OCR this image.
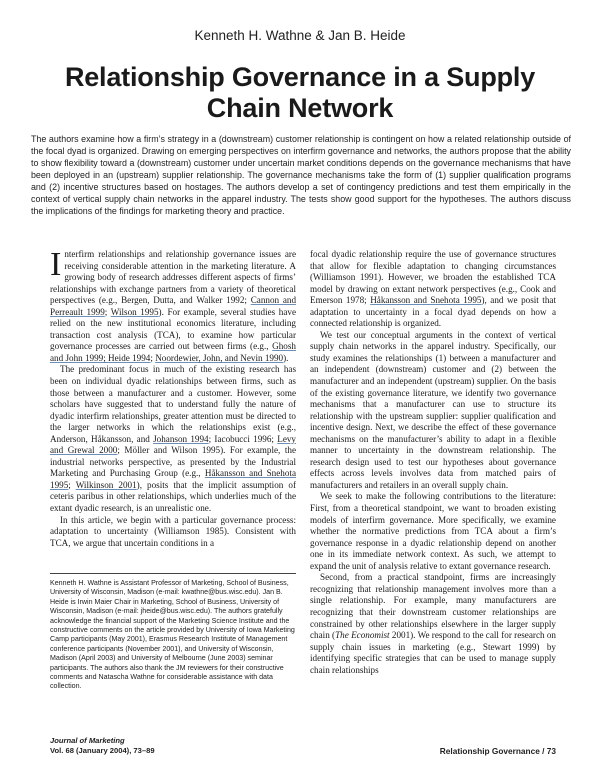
Kenneth H. Wathne & Jan B. Heide
Relationship Governance in a Supply Chain Network
The authors examine how a firm’s strategy in a (downstream) customer relationship is contingent on how a related relationship outside of the focal dyad is organized. Drawing on emerging perspectives on interfirm governance and networks, the authors propose that the ability to show flexibility toward a (downstream) customer under uncertain market conditions depends on the governance mechanisms that have been deployed in an (upstream) supplier relationship. The governance mechanisms take the form of (1) supplier qualification programs and (2) incentive structures based on hostages. The authors develop a set of contingency predictions and test them empirically in the context of vertical supply chain networks in the apparel industry. The tests show good support for the hypotheses. The authors discuss the implications of the findings for marketing theory and practice.

Interfirm relationships and relationship governance issues are receiving considerable attention in the marketing literature. A growing body of research addresses different aspects of firms’ relationships with exchange partners from a variety of theoretical perspectives (e.g., Bergen, Dutta, and Walker 1992; Cannon and Perreault 1999; Wilson 1995). For example, several studies have relied on the new institutional economics literature, including transaction cost analysis (TCA), to examine how particular governance processes are carried out between firms (e.g., Ghosh and John 1999; Heide 1994; Noordewier, John, and Nevin 1990).

The predominant focus in much of the existing research has been on individual dyadic relationships between firms, such as those between a manufacturer and a customer. However, some scholars have suggested that to understand fully the nature of dyadic interfirm relationships, greater attention must be directed to the larger networks in which the relationships exist (e.g., Anderson, Håkansson, and Johanson 1994; Iacobucci 1996; Levy and Grewal 2000; Möller and Wilson 1995). For example, the industrial networks perspective, as presented by the Industrial Marketing and Purchasing Group (e.g., Håkansson and Snehota 1995; Wilkinson 2001), posits that the implicit assumption of ceteris paribus in other relationships, which underlies much of the extant dyadic research, is an unrealistic one.

In this article, we begin with a particular governance process: adaptation to uncertainty (Williamson 1985). Consistent with TCA, we argue that uncertain conditions in a

Kenneth H. Wathne is Assistant Professor of Marketing, School of Business, University of Wisconsin, Madison (e-mail: kwathne@bus.wisc.edu). Jan B. Heide is Irwin Maier Chair in Marketing, School of Business, University of Wisconsin, Madison (e-mail: jheide@bus.wisc.edu). The authors gratefully acknowledge the financial support of the Marketing Science Institute and the constructive comments on the article provided by University of Iowa Marketing Camp participants (May 2001), Erasmus Research Institute of Management conference participants (November 2001), and University of Wisconsin, Madison (April 2003) and University of Melbourne (June 2003) seminar participants. The authors also thank the JM reviewers for their constructive comments and Natascha Wathne for considerable assistance with data collection.
Journal of Marketing
Vol. 68 (January 2004), 73–89	Relationship Governance / 73

focal dyadic relationship require the use of governance structures that allow for flexible adaptation to changing circumstances (Williamson 1991). However, we broaden the established TCA model by drawing on extant network perspectives (e.g., Cook and Emerson 1978; Håkansson and Snehota 1995), and we posit that adaptation to uncertainty in a focal dyad depends on how a connected relationship is organized.

We test our conceptual arguments in the context of vertical supply chain networks in the apparel industry. Specifically, our study examines the relationships (1) between a manufacturer and an independent (downstream) customer and (2) between the manufacturer and an independent (upstream) supplier. On the basis of the existing governance literature, we identify two governance mechanisms that a manufacturer can use to structure its relationship with the upstream supplier: supplier qualification and incentive design. Next, we describe the effect of these governance mechanisms on the manufacturer’s ability to adapt in a flexible manner to uncertainty in the downstream relationship. The research design used to test our hypotheses about governance effects across levels involves data from matched pairs of manufacturers and retailers in an overall supply chain.

We seek to make the following contributions to the literature: First, from a theoretical standpoint, we want to broaden existing models of interfirm governance. More specifically, we examine whether the normative predictions from TCA about a firm’s governance response in a dyadic relationship depend on another one in its immediate network context. As such, we attempt to expand the unit of analysis relative to extant governance research.

Second, from a practical standpoint, firms are increasingly recognizing that relationship management involves more than a single relationship. For example, many manufacturers are recognizing that their downstream customer relationships are constrained by other relationships elsewhere in the larger supply chain (The Economist 2001). We respond to the call for research on supply chain issues in marketing (e.g., Stewart 1999) by identifying specific strategies that can be used to manage supply chain relationships
